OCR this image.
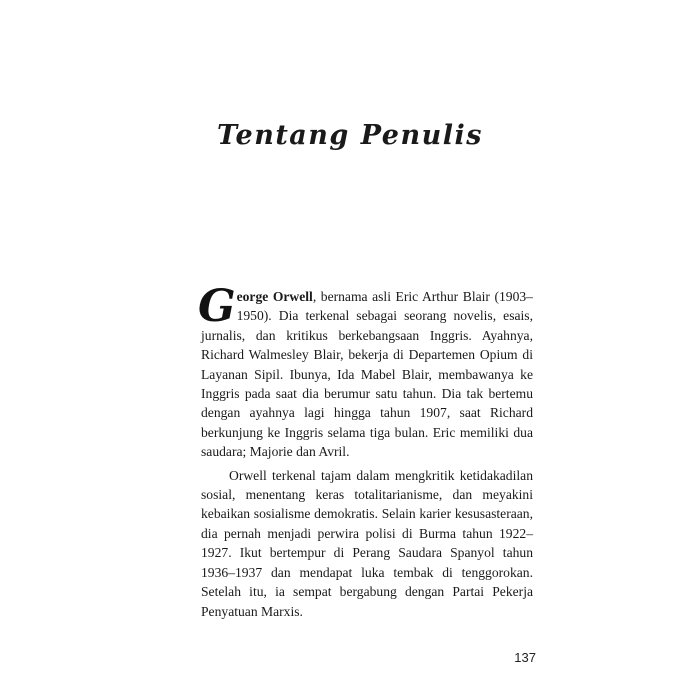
Tentang Penulis

George Orwell, bernama asli Eric Arthur Blair (1903–1950). Dia terkenal sebagai seorang novelis, esais, jurnalis, dan kritikus berkebangsaan Inggris. Ayahnya, Richard Walmesley Blair, bekerja di Departemen Opium di Layanan Sipil. Ibunya, Ida Mabel Blair, membawanya ke Inggris pada saat dia berumur satu tahun. Dia tak bertemu dengan ayahnya lagi hingga tahun 1907, saat Richard berkunjung ke Inggris selama tiga bulan. Eric memiliki dua saudara; Majorie dan Avril.

Orwell terkenal tajam dalam mengkritik ketidakadilan sosial, menentang keras totalitarianisme, dan meyakini kebaikan sosialisme demokratis. Selain karier kesusasteraan, dia pernah menjadi perwira polisi di Burma tahun 1922–1927. Ikut bertempur di Perang Saudara Spanyol tahun 1936–1937 dan mendapat luka tembak di tenggorokan. Setelah itu, ia sempat bergabung dengan Partai Pekerja Penyatuan Marxis.

137
